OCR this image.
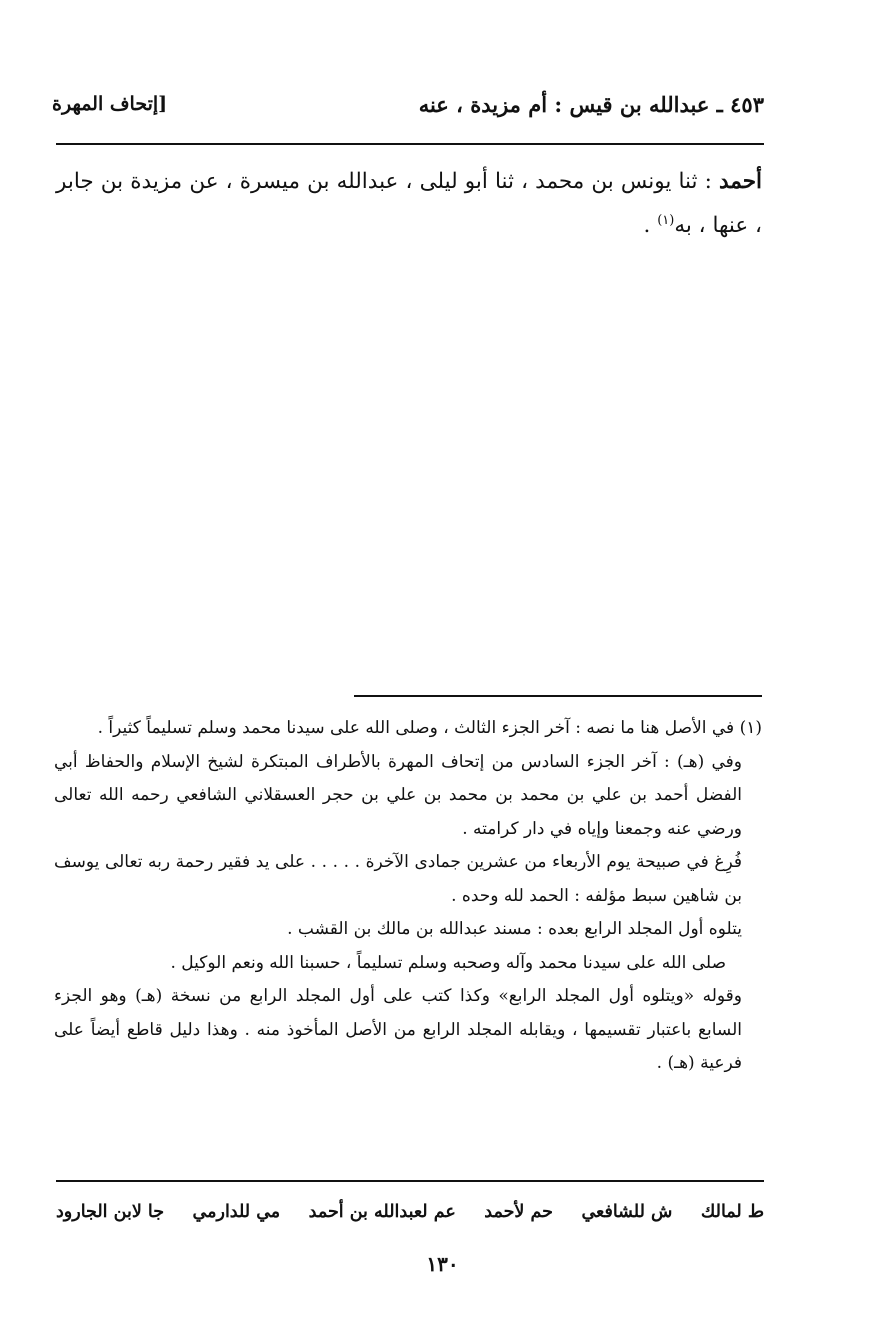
٤٥٣ ـ عبدالله بن قيس : أم مزيدة ، عنه
[إتحاف المهرة
أحمد : ثنا يونس بن محمد ، ثنا أبو ليلى ، عبدالله بن ميسرة ، عن مزيدة بن جابر ، عنها ، به$^{(١)}$ .

(١) في الأصل هنا ما نصه : آخر الجزء الثالث ، وصلى الله على سيدنا محمد وسلم تسليماً كثيراً .

وفي (هـ) : آخر الجزء السادس من إتحاف المهرة بالأطراف المبتكرة لشيخ الإسلام والحفاظ أبي الفضل أحمد بن علي بن محمد بن محمد بن علي بن حجر العسقلاني الشافعي رحمه الله تعالى ورضي عنه وجمعنا وإياه في دار كرامته .

فُرِغ في صبيحة يوم الأربعاء من عشرين جمادى الآخرة . . . . . على يد فقير رحمة ربه تعالى يوسف بن شاهين سبط مؤلفه : الحمد لله وحده .

يتلوه أول المجلد الرابع بعده : مسند عبدالله بن مالك بن القشب .

صلى الله على سيدنا محمد وآله وصحبه وسلم تسليماً ، حسبنا الله ونعم الوكيل .

وقوله «ويتلوه أول المجلد الرابع» وكذا كتب على أول المجلد الرابع من نسخة (هـ) وهو الجزء السابع باعتبار تقسيمها ، ويقابله المجلد الرابع من الأصل المأخوذ منه . وهذا دليل قاطع أيضاً على فرعية (هـ) .

ط لمالك
ش للشافعي
حم لأحمد
عم لعبدالله بن أحمد
مي للدارمي
جا لابن الجارود
١٣٠
